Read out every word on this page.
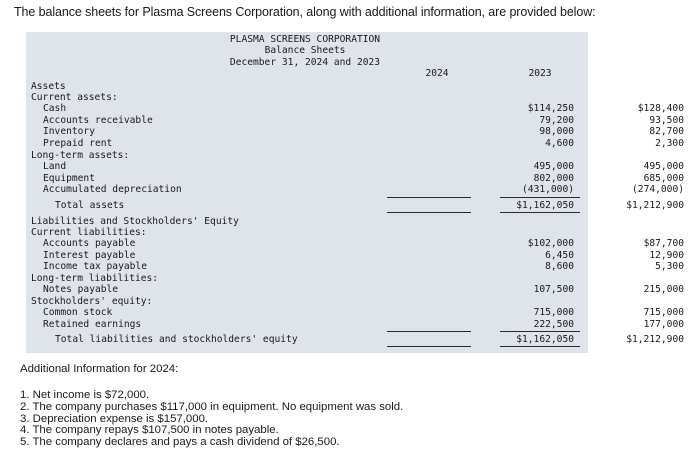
The balance sheets for Plasma Screens Corporation, along with additional information, are provided below:
PLASMA SCREENS CORPORATION
Balance Sheets
December 31, 2024 and 2023
2024	2023
Assets
Current assets:
Cash
Accounts receivable
Inventory
Prepaid rent
Long-term assets:
Land
Equipment
Accumulated depreciation
Total assets
$114,250
79,200
98,000
4,600
495,000
802,000
(431,000)
$1,162,050
$128,400
93,500
82,700
2,300
495,000
685,000
(274,000)
$1,212,900
Liabilities and Stockholders' Equity
Current liabilities:
Accounts payable
Interest payable
Income tax payable
Long-term liabilities:
Notes payable
Stockholders' equity:
Common stock
Retained earnings
Total liabilities and stockholders' equity
$102,000
6,450
8,600
107,500
715,000
222,500
$1,162,050
$87,700
12,900
5,300
215,000
715,000
177,000
$1,212,900
Additional Information for 2024:
1. Net income is $72,000.
2. The company purchases $117,000 in equipment. No equipment was sold.
3. Depreciation expense is $157,000.
4. The company repays $107,500 in notes payable.
5. The company declares and pays a cash dividend of $26,500.
